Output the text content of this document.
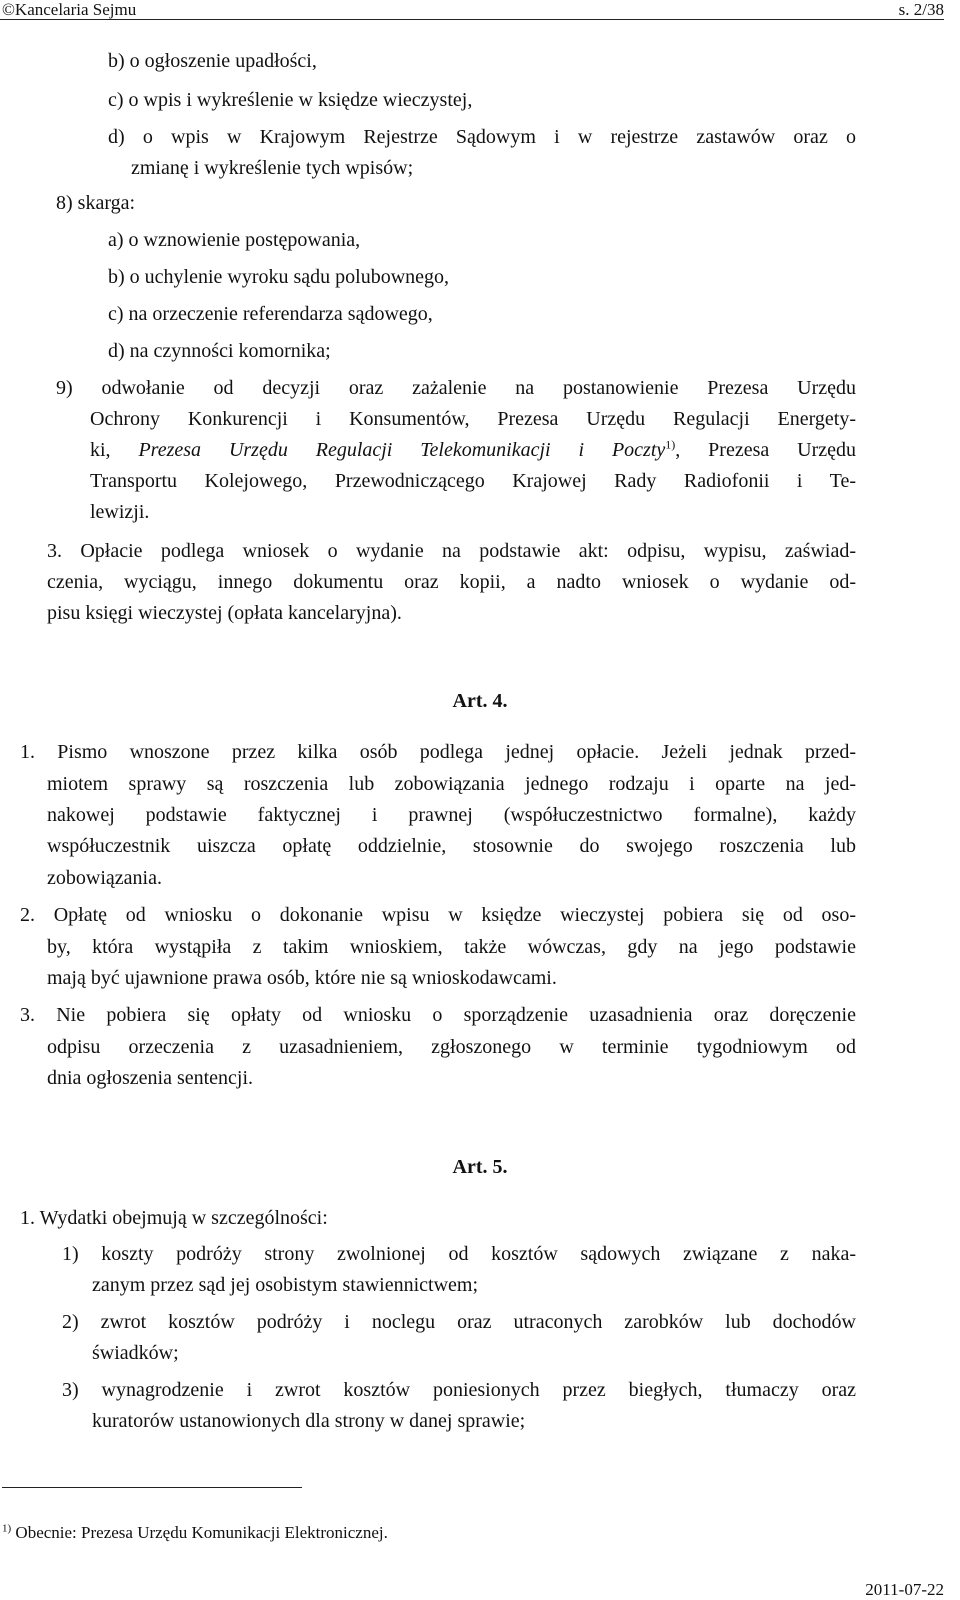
©Kancelaria Sejmu	s. 2/38
b) o ogłoszenie upadłości,
c) o wpis i wykreślenie w księdze wieczystej,
d) o wpis w Krajowym Rejestrze Sądowym i w rejestrze zastawów oraz o
zmianę i wykreślenie tych wpisów;
8) skarga:
a) o wznowienie postępowania,
b) o uchylenie wyroku sądu polubownego,
c) na orzeczenie referendarza sądowego,
d) na czynności komornika;
9) odwołanie od decyzji oraz zażalenie na postanowienie Prezesa Urzędu
Ochrony Konkurencji i Konsumentów, Prezesa Urzędu Regulacji Energety-
ki, Prezesa Urzędu Regulacji Telekomunikacji i Poczty$^{1)}$, Prezesa Urzędu
Transportu Kolejowego, Przewodniczącego Krajowej Rady Radiofonii i Te-
lewizji.
3. Opłacie podlega wniosek o wydanie na podstawie akt: odpisu, wypisu, zaświad-
czenia, wyciągu, innego dokumentu oraz kopii, a nadto wniosek o wydanie od-
pisu księgi wieczystej (opłata kancelaryjna).
Art. 4.
1. Pismo wnoszone przez kilka osób podlega jednej opłacie. Jeżeli jednak przed-
miotem sprawy są roszczenia lub zobowiązania jednego rodzaju i oparte na jed-
nakowej podstawie faktycznej i prawnej (współuczestnictwo formalne), każdy
współuczestnik uiszcza opłatę oddzielnie, stosownie do swojego roszczenia lub
zobowiązania.
2. Opłatę od wniosku o dokonanie wpisu w księdze wieczystej pobiera się od oso-
by, która wystąpiła z takim wnioskiem, także wówczas, gdy na jego podstawie
mają być ujawnione prawa osób, które nie są wnioskodawcami.
3. Nie pobiera się opłaty od wniosku o sporządzenie uzasadnienia oraz doręczenie
odpisu orzeczenia z uzasadnieniem, zgłoszonego w terminie tygodniowym od
dnia ogłoszenia sentencji.
Art. 5.
1. Wydatki obejmują w szczególności:
1) koszty podróży strony zwolnionej od kosztów sądowych związane z naka-
zanym przez sąd jej osobistym stawiennictwem;
2) zwrot kosztów podróży i noclegu oraz utraconych zarobków lub dochodów
świadków;
3) wynagrodzenie i zwrot kosztów poniesionych przez biegłych, tłumaczy oraz
kuratorów ustanowionych dla strony w danej sprawie;
$^{1)}$ Obecnie: Prezesa Urzędu Komunikacji Elektronicznej.
2011-07-22
